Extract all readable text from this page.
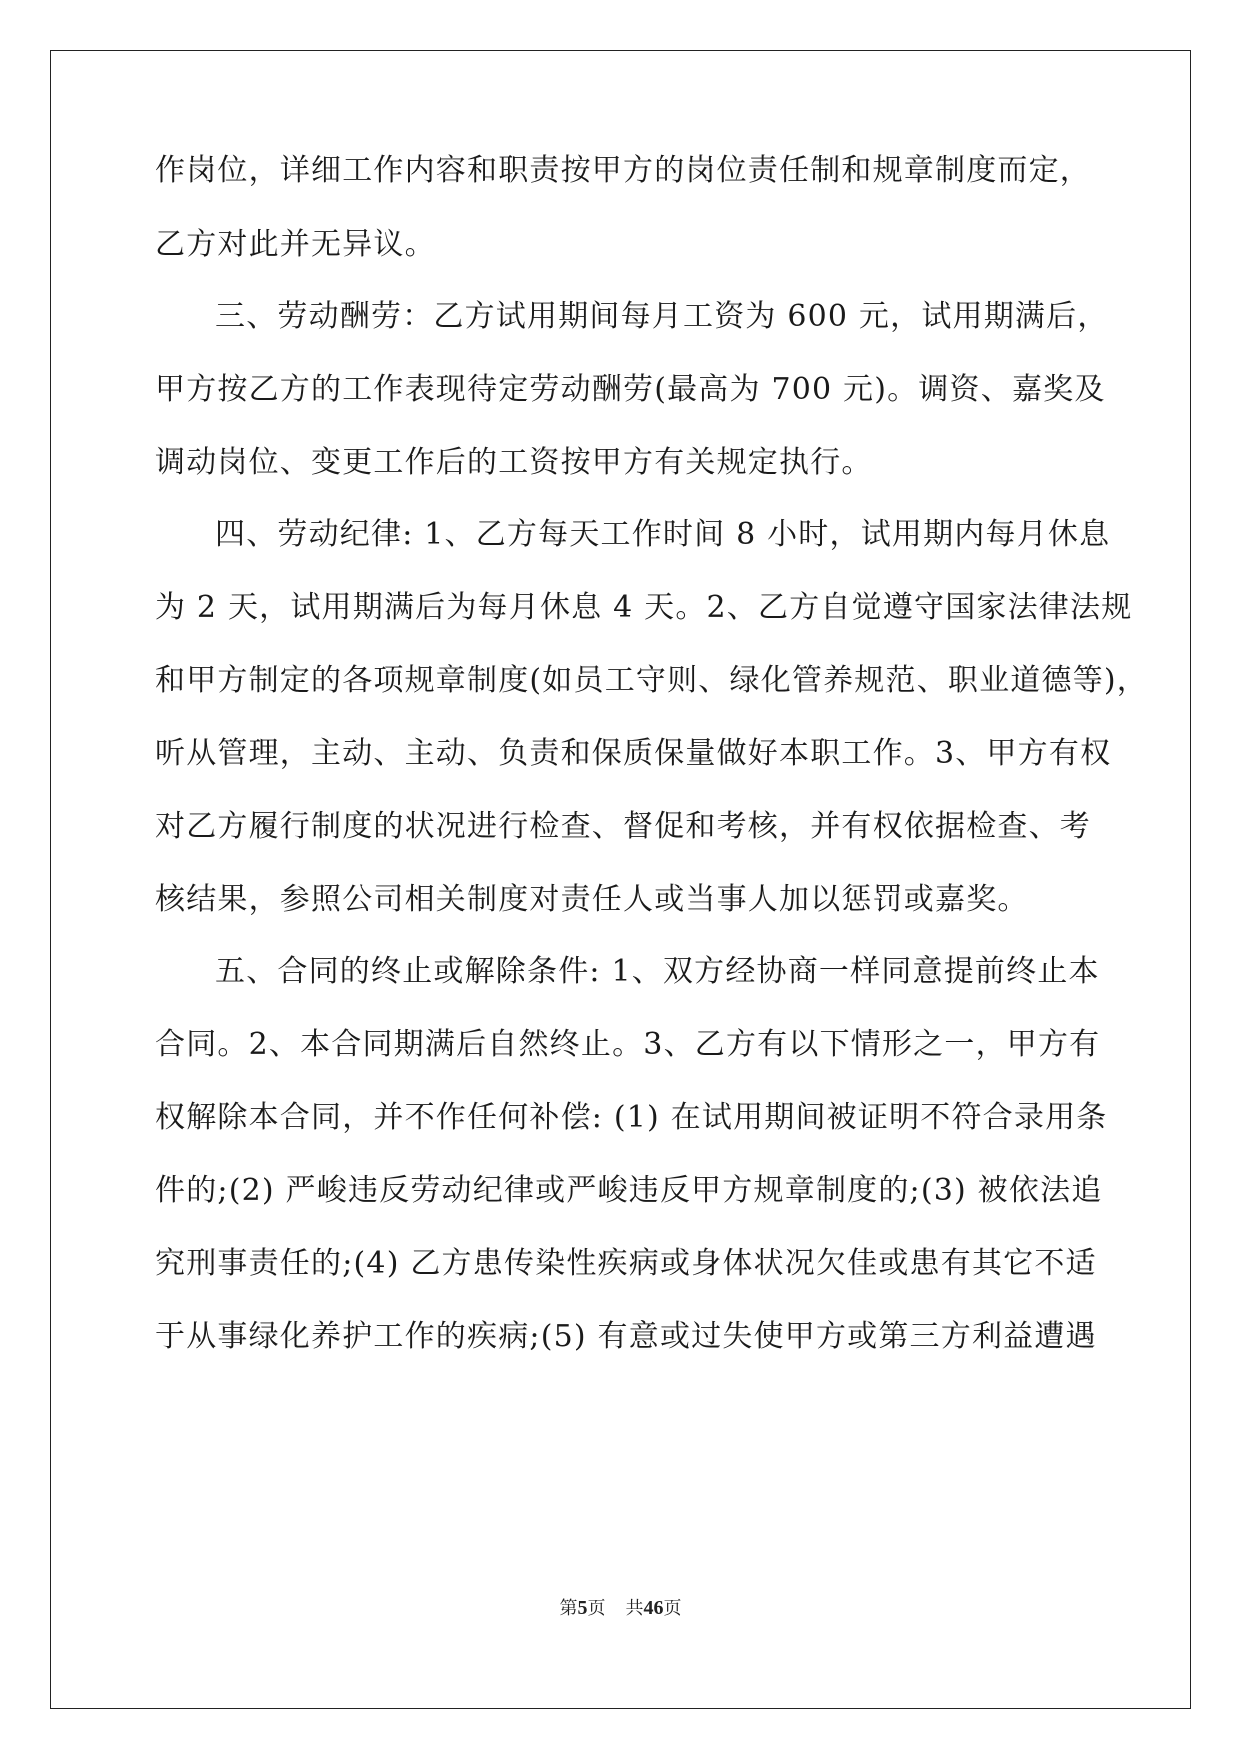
作岗位，详细工作内容和职责按甲方的岗位责任制和规章制度而定，
乙方对此并无异议。
三、劳动酬劳：乙方试用期间每月工资为 600 元，试用期满后，
甲方按乙方的工作表现待定劳动酬劳(最高为 700 元)。调资、嘉奖及
调动岗位、变更工作后的工资按甲方有关规定执行。
四、劳动纪律: 1、乙方每天工作时间 8 小时，试用期内每月休息
为 2 天，试用期满后为每月休息 4 天。2、乙方自觉遵守国家法律法规
和甲方制定的各项规章制度(如员工守则、绿化管养规范、职业道德等)，
听从管理，主动、主动、负责和保质保量做好本职工作。3、甲方有权
对乙方履行制度的状况进行检查、督促和考核，并有权依据检查、考
核结果，参照公司相关制度对责任人或当事人加以惩罚或嘉奖。
五、合同的终止或解除条件: 1、双方经协商一样同意提前终止本
合同。2、本合同期满后自然终止。3、乙方有以下情形之一，甲方有
权解除本合同，并不作任何补偿: (1) 在试用期间被证明不符合录用条
件的;(2) 严峻违反劳动纪律或严峻违反甲方规章制度的;(3) 被依法追
究刑事责任的;(4) 乙方患传染性疾病或身体状况欠佳或患有其它不适
于从事绿化养护工作的疾病;(5) 有意或过失使甲方或第三方利益遭遇
第5页 共46页
